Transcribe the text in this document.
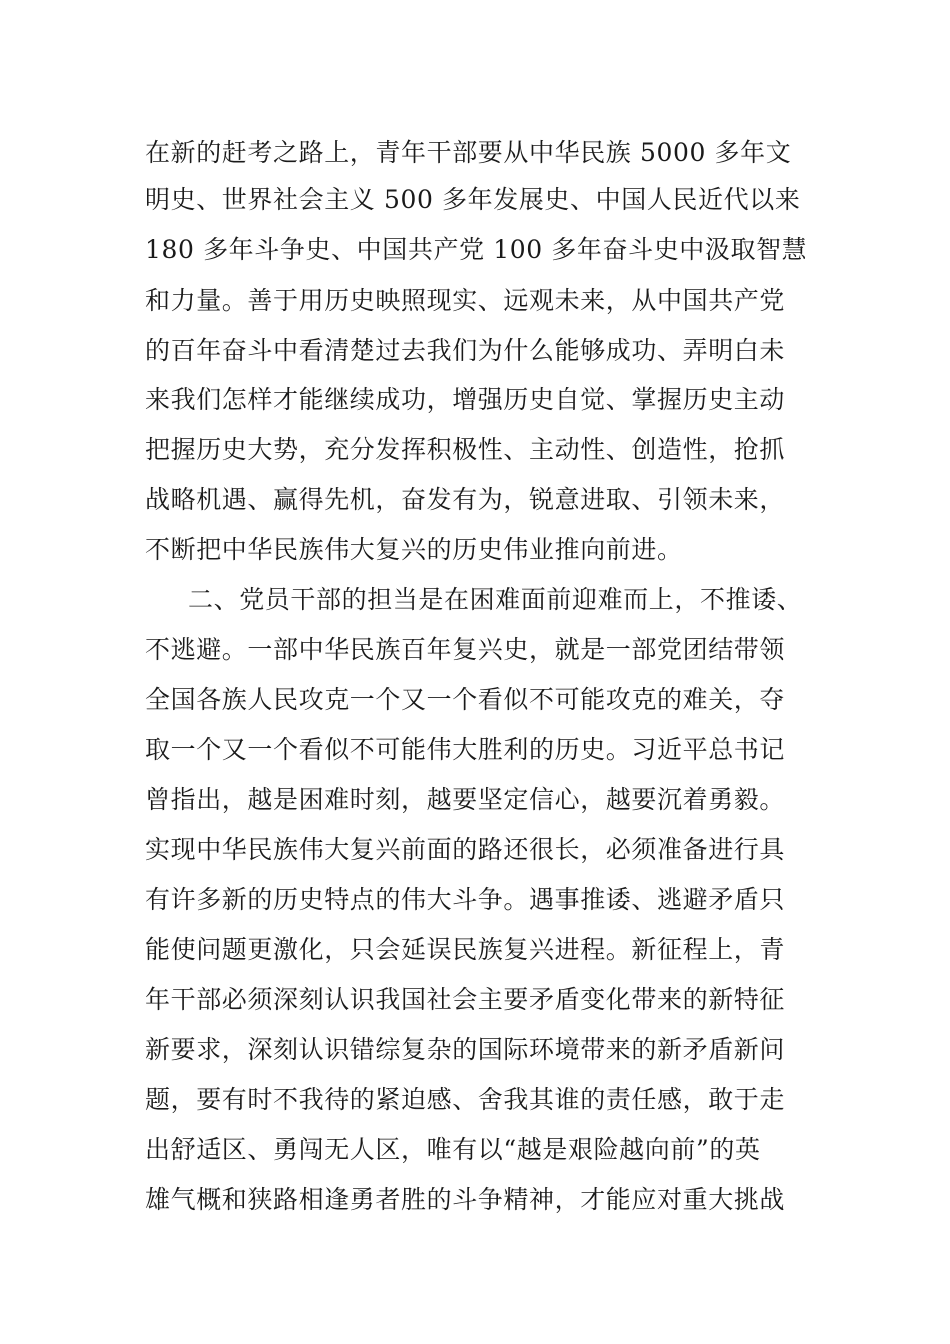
在新的赶考之路上，青年干部要从中华民族 5000 多年文
明史、世界社会主义 500 多年发展史、中国人民近代以来
180 多年斗争史、中国共产党 100 多年奋斗史中汲取智慧
和力量。善于用历史映照现实、远观未来，从中国共产党
的百年奋斗中看清楚过去我们为什么能够成功、弄明白未
来我们怎样才能继续成功，增强历史自觉、掌握历史主动
把握历史大势，充分发挥积极性、主动性、创造性，抢抓
战略机遇、赢得先机，奋发有为，锐意进取、引领未来，
不断把中华民族伟大复兴的历史伟业推向前进。
二、党员干部的担当是在困难面前迎难而上，不推诿、
不逃避。一部中华民族百年复兴史，就是一部党团结带领
全国各族人民攻克一个又一个看似不可能攻克的难关，夺
取一个又一个看似不可能伟大胜利的历史。习近平总书记
曾指出，越是困难时刻，越要坚定信心，越要沉着勇毅。
实现中华民族伟大复兴前面的路还很长，必须准备进行具
有许多新的历史特点的伟大斗争。遇事推诿、逃避矛盾只
能使问题更激化，只会延误民族复兴进程。新征程上，青
年干部必须深刻认识我国社会主要矛盾变化带来的新特征
新要求，深刻认识错综复杂的国际环境带来的新矛盾新问
题，要有时不我待的紧迫感、舍我其谁的责任感，敢于走
出舒适区、勇闯无人区，唯有以“越是艰险越向前”的英
雄气概和狭路相逢勇者胜的斗争精神，才能应对重大挑战
